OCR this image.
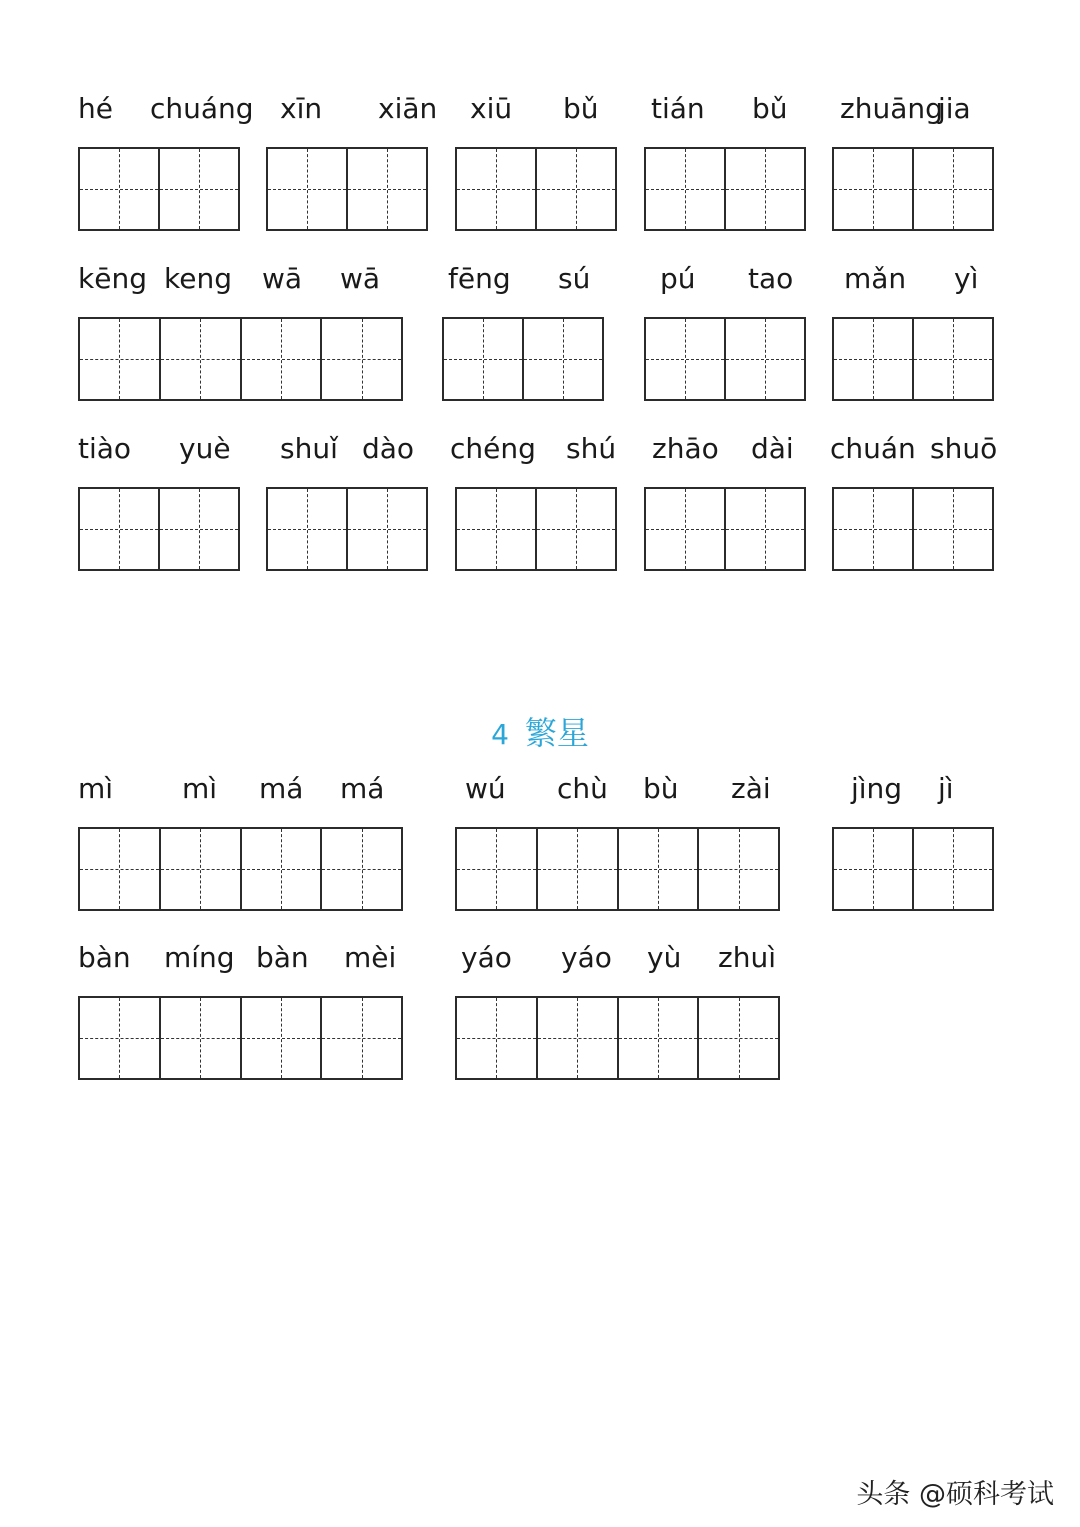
hé chuáng xīn xiān xiū bǔ tián bǔ zhuāng
jia
kēng keng wā wā fēng sú pú tao mǎn yì
tiào yuè shuǐ dào chéng shú zhāo dài chuán shuō
4 繁星
mì mì má má	wú chù bù zài	jìng jì
bàn míng bàn mèi yáo yáo yù zhuì
头条 @硕科考试
